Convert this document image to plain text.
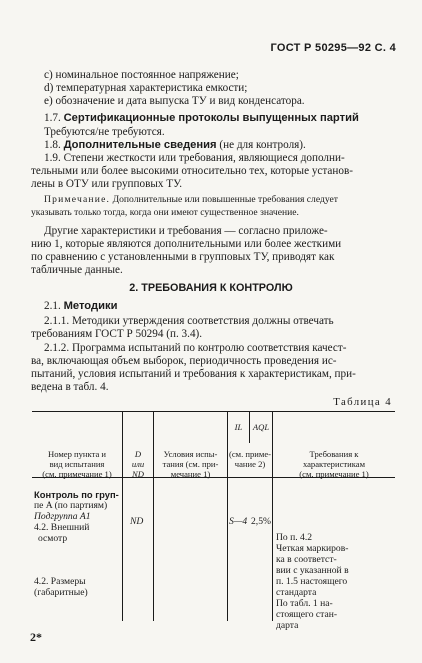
ГОСТ Р 50295—92 С. 4
с) номинальное постоянное напряжение;
d) температурная характеристика емкости;
е) обозначение и дата выпуска ТУ и вид конденсатора.
1.7. Сертификационные протоколы выпущенных партий
Требуются/не требуются.
1.8. Дополнительные сведения (не для контроля).
1.9. Степени жесткости или требования, являющиеся дополни-
тельными или более высокими относительно тех, которые установ-
лены в ОТУ или групповых ТУ.
Примечание. Дополнительные или повышенные требования следует
указывать только тогда, когда они имеют существенное значение.
Другие характеристики и требования — согласно приложе-
нию 1, которые являются дополнительными или более жесткими
по сравнению с установленными в групповых ТУ, приводят как
табличные данные.
2. ТРЕБОВАНИЯ К КОНТРОЛЮ
2.1. Методики
2.1.1. Методики утверждения соответствия должны отвечать
требованиям ГОСТ Р 50294 (п. 3.4).
2.1.2. Программа испытаний по контролю соответствия качест-
ва, включающая объем выборок, периодичность проведения ис-
пытаний, условия испытаний и требования к характеристикам, при-
ведена в табл. 4.
Таблица 4
Номер пункта и
вид испытания
(см. примечание 1)
D
или
ND
Условия испы-
тания (см. при-
мечание 1)
IL	AQL
(см. приме-
чание 2)
Требования к
характеристикам
(см. примечание 1)
Контроль по груп-
пе A (по партиям)
Подгруппа A1
4.2. Внешний
осмотр
ND	S—4 2,5%
По п. 4.2
Четкая маркиров-
ка в соответст-
вии с указанной в
п. 1.5 настоящего
стандарта
4.2. Размеры
(габаритные)
По табл. 1 на-
стоящего стан-
дарта
2*
